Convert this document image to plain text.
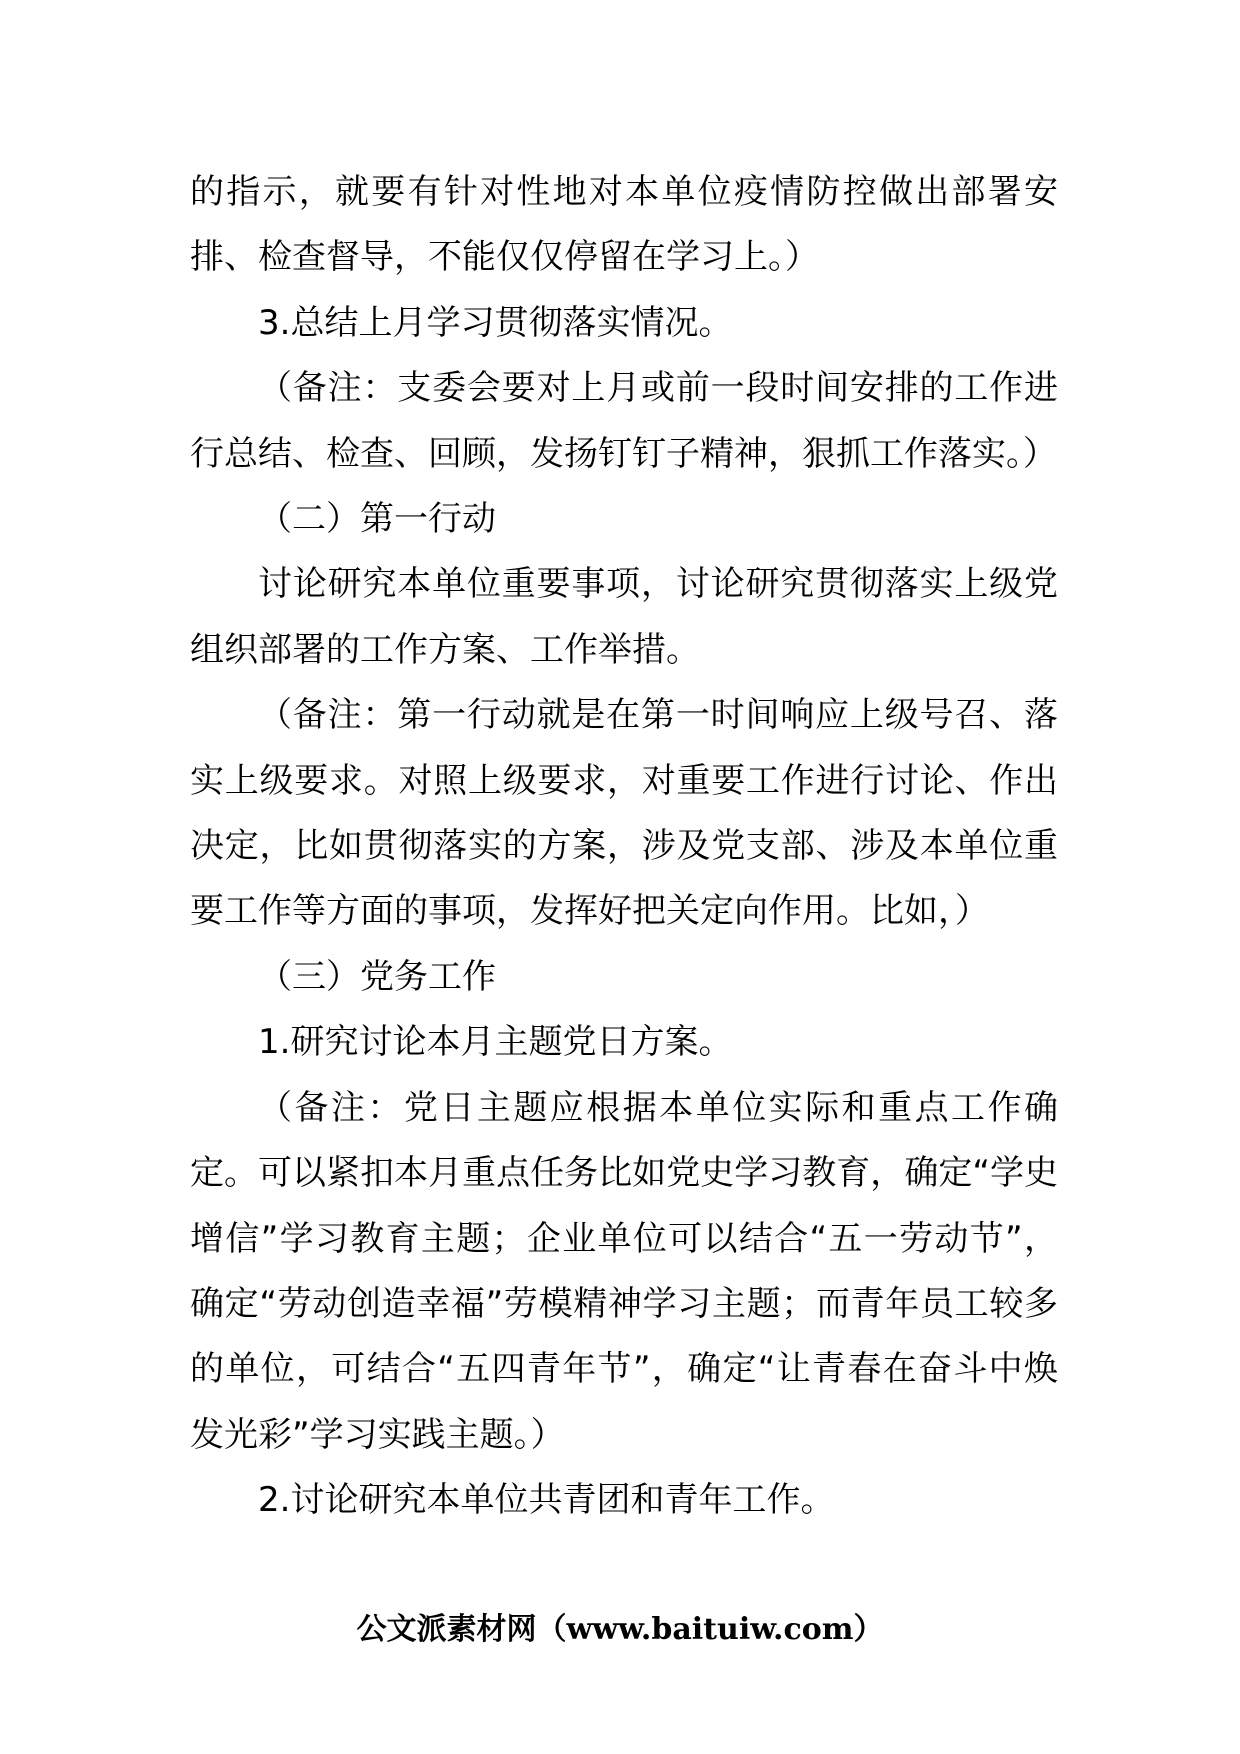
的指示，就要有针对性地对本单位疫情防控做出部署安排、检查督导，不能仅仅停留在学习上。）

3.总结上月学习贯彻落实情况。

（备注：支委会要对上月或前一段时间安排的工作进行总结、检查、回顾，发扬钉钉子精神，狠抓工作落实。）

（二）第一行动

讨论研究本单位重要事项，讨论研究贯彻落实上级党组织部署的工作方案、工作举措。

（备注：第一行动就是在第一时间响应上级号召、落实上级要求。对照上级要求，对重要工作进行讨论、作出决定，比如贯彻落实的方案，涉及党支部、涉及本单位重要工作等方面的事项，发挥好把关定向作用。比如，）

（三）党务工作

1.研究讨论本月主题党日方案。

（备注：党日主题应根据本单位实际和重点工作确定。可以紧扣本月重点任务比如党史学习教育，确定“学史增信”学习教育主题；企业单位可以结合“五一劳动节”，确定“劳动创造幸福”劳模精神学习主题；而青年员工较多的单位，可结合“五四青年节”，确定“让青春在奋斗中焕发光彩”学习实践主题。）

2.讨论研究本单位共青团和青年工作。

公文派素材网（www.baituiw.com）
